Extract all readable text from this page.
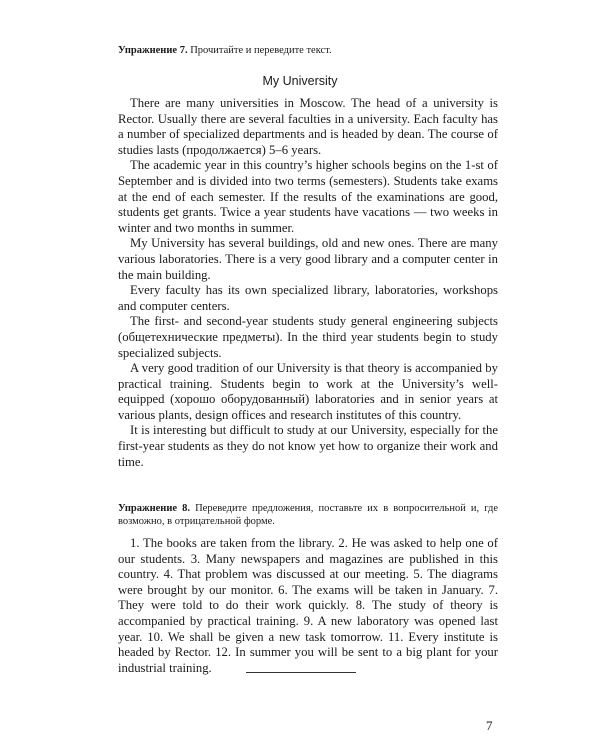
Упражнение 7. Прочитайте и переведите текст.
My University

There are many universities in Moscow. The head of a university is Rector. Usually there are several faculties in a university. Each faculty has a number of specialized departments and is headed by dean. The course of studies lasts (продолжается) 5–6 years.

The academic year in this country’s higher schools begins on the 1-st of September and is divided into two terms (semesters). Students take exams at the end of each semester. If the results of the examinations are good, students get grants. Twice a year students have vacations — two weeks in winter and two months in summer.

My University has several buildings, old and new ones. There are many various laboratories. There is a very good library and a computer center in the main building.

Every faculty has its own specialized library, laboratories, workshops and computer centers.

The first- and second-year students study general engineering subjects (общетехнические предметы). In the third year students begin to study specialized subjects.

A very good tradition of our University is that theory is accompanied by practical training. Students begin to work at the University’s well-equipped (хорошо оборудованный) laboratories and in senior years at various plants, design offices and research institutes of this country.

It is interesting but difficult to study at our University, especially for the first-year students as they do not know yet how to organize their work and time.

Упражнение 8. Переведите предложения, поставьте их в вопросительной и, где возможно, в отрицательной форме.

1. The books are taken from the library. 2. He was asked to help one of our students. 3. Many newspapers and magazines are published in this country. 4. That problem was discussed at our meeting. 5. The diagrams were brought by our monitor. 6. The exams will be taken in January. 7. They were told to do their work quickly. 8. The study of theory is accompanied by practical training. 9. A new laboratory was opened last year. 10. We shall be given a new task tomorrow. 11. Every institute is headed by Rector. 12. In summer you will be sent to a big plant for your industrial training.

7
